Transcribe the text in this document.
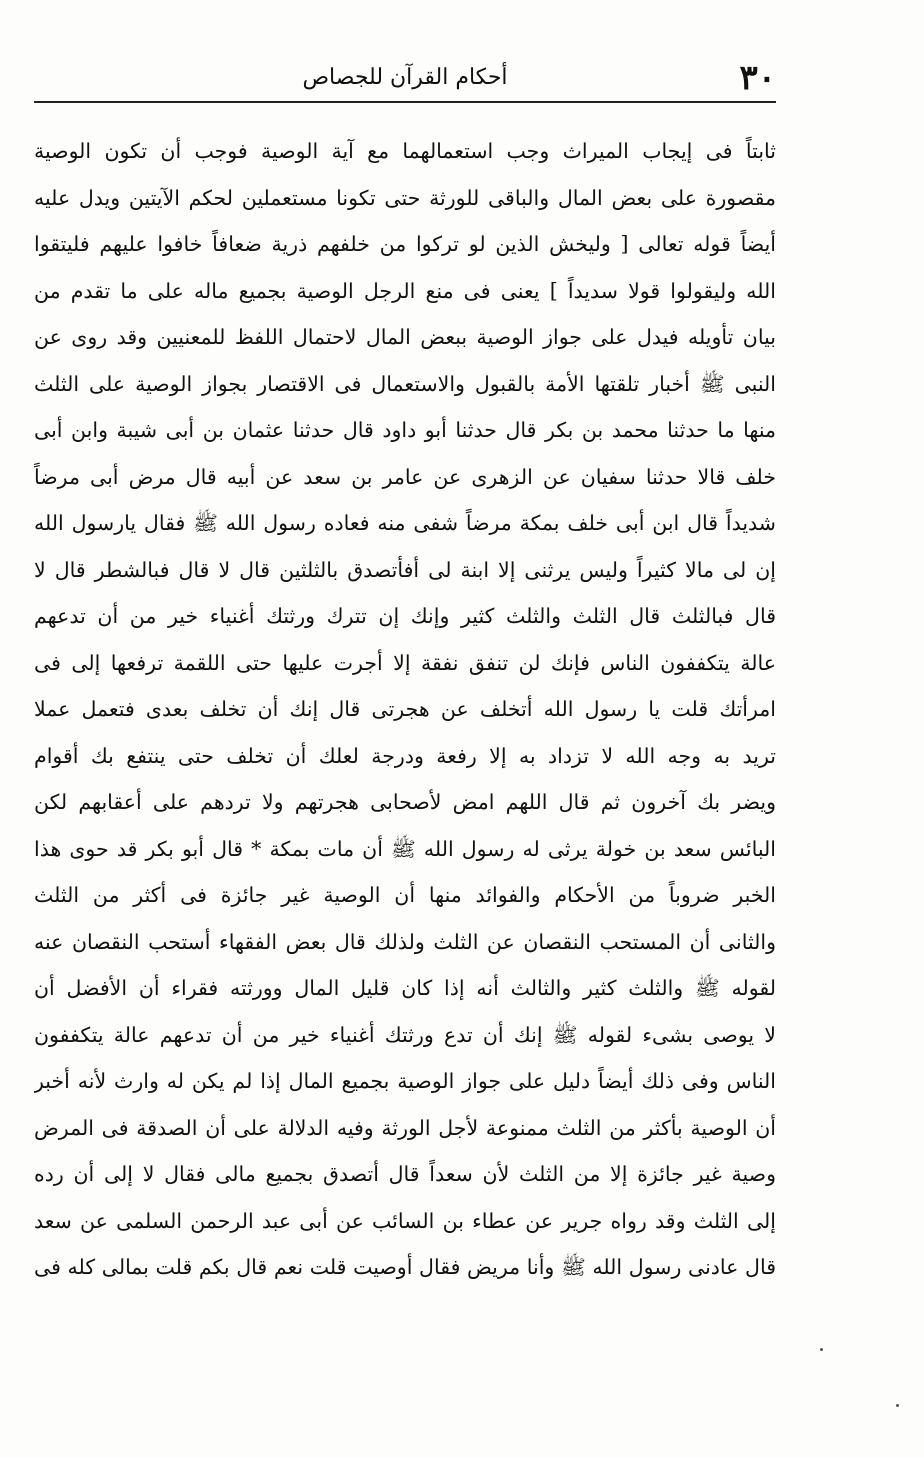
٣٠
أحكام القرآن للجصاص
ثابتاً فى إيجاب الميراث وجب استعمالهما مع آية الوصية فوجب أن تكون الوصية
مقصورة على بعض المال والباقى للورثة حتى تكونا مستعملين لحكم الآيتين ويدل عليه
أيضاً قوله تعالى [ وليخش الذين لو تركوا من خلفهم ذرية ضعافاً خافوا عليهم فليتقوا
الله وليقولوا قولا سديداً ] يعنى فى منع الرجل الوصية بجميع ماله على ما تقدم من
بيان تأويله فيدل على جواز الوصية ببعض المال لاحتمال اللفظ للمعنيين وقد روى عن
النبى ﷺ أخبار تلقتها الأمة بالقبول والاستعمال فى الاقتصار بجواز الوصية على الثلث
منها ما حدثنا محمد بن بكر قال حدثنا أبو داود قال حدثنا عثمان بن أبى شيبة وابن أبى
خلف قالا حدثنا سفيان عن الزهرى عن عامر بن سعد عن أبيه قال مرض أبى مرضاً
شديداً قال ابن أبى خلف بمكة مرضاً شفى منه فعاده رسول الله ﷺ فقال يارسول الله
إن لى مالا كثيراً وليس يرثنى إلا ابنة لى أفأتصدق بالثلثين قال لا قال فبالشطر قال لا
قال فبالثلث قال الثلث والثلث كثير وإنك إن تترك ورثتك أغنياء خير من أن تدعهم
عالة يتكففون الناس فإنك لن تنفق نفقة إلا أجرت عليها حتى اللقمة ترفعها إلى فى
امرأتك قلت يا رسول الله أتخلف عن هجرتى قال إنك أن تخلف بعدى فتعمل عملا
تريد به وجه الله لا تزداد به إلا رفعة ودرجة لعلك أن تخلف حتى ينتفع بك أقوام
ويضر بك آخرون ثم قال اللهم امض لأصحابى هجرتهم ولا تردهم على أعقابهم لكن
البائس سعد بن خولة يرثى له رسول الله ﷺ أن مات بمكة * قال أبو بكر قد حوى هذا
الخبر ضروباً من الأحكام والفوائد منها أن الوصية غير جائزة فى أكثر من الثلث
والثانى أن المستحب النقصان عن الثلث ولذلك قال بعض الفقهاء أستحب النقصان عنه
لقوله ﷺ والثلث كثير والثالث أنه إذا كان قليل المال وورثته فقراء أن الأفضل أن
لا يوصى بشىء لقوله ﷺ إنك أن تدع ورثتك أغنياء خير من أن تدعهم عالة يتكففون
الناس وفى ذلك أيضاً دليل على جواز الوصية بجميع المال إذا لم يكن له وارث لأنه أخبر
أن الوصية بأكثر من الثلث ممنوعة لأجل الورثة وفيه الدلالة على أن الصدقة فى المرض
وصية غير جائزة إلا من الثلث لأن سعداً قال أتصدق بجميع مالى فقال لا إلى أن رده
إلى الثلث وقد رواه جرير عن عطاء بن السائب عن أبى عبد الرحمن السلمى عن سعد
قال عادنى رسول الله ﷺ وأنا مريض فقال أوصيت قلت نعم قال بكم قلت بمالى كله فى
